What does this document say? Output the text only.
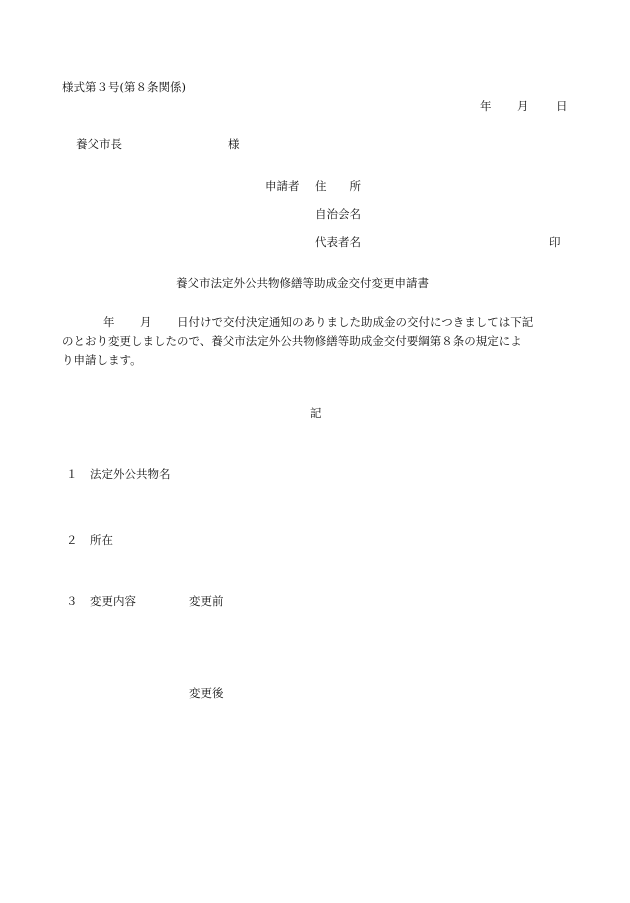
様式第３号(第８条関係)
年 月 日
養父市長	様
申請者 住　　所
自治会名
代表者名	印
養父市法定外公共物修繕等助成金交付変更申請書
年 月 日付けで交付決定通知のありました助成金の交付につきましては下記
のとおり変更しましたので、養父市法定外公共物修繕等助成金交付要綱第８条の規定によ
り申請します。
記
１ 法定外公共物名
２ 所在
３ 変更内容	変更前
変更後
